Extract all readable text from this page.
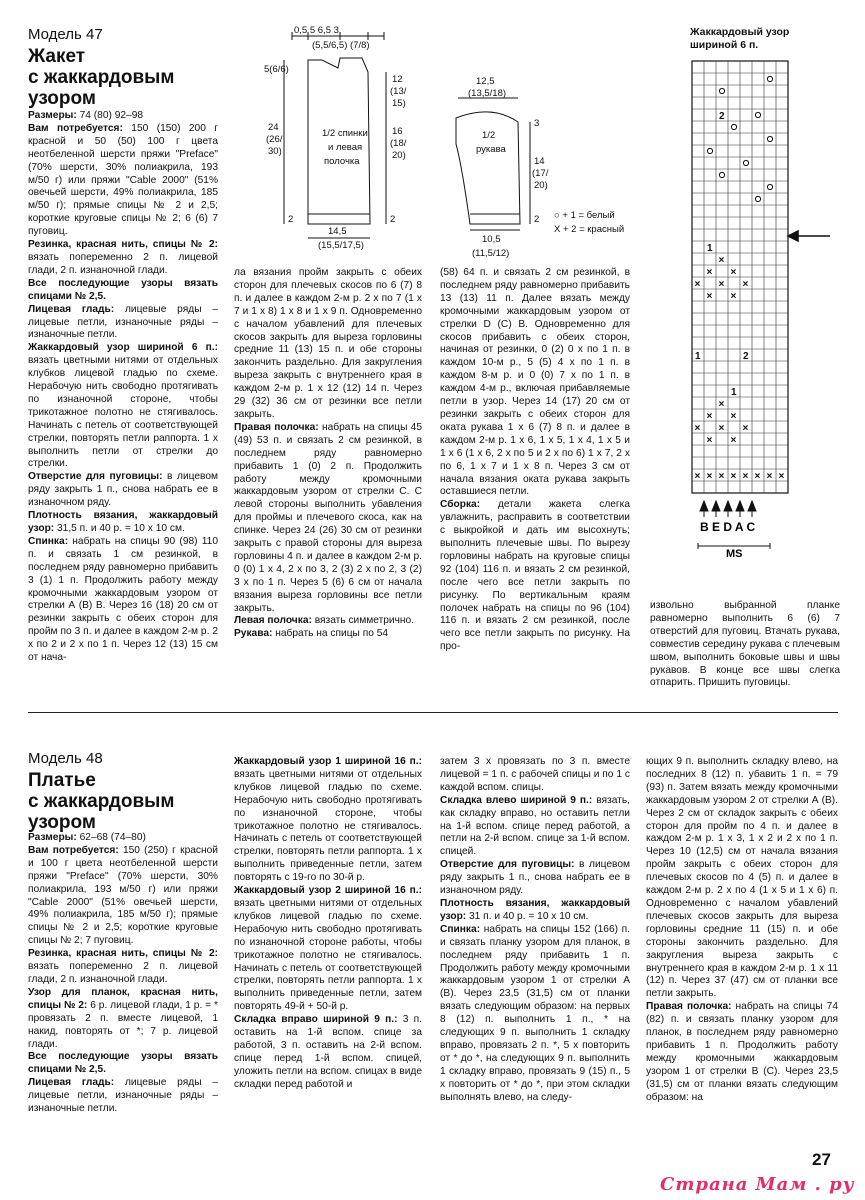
Модель 47
Жакет
с жаккардовым
узором
Размеры: 74 (80) 92–98
Вам потребуется: 150 (150) 200 г красной и 50 (50) 100 г цвета неотбеленной шерсти пряжи "Preface" (70% шерсти, 30% полиакрила, 193 м/50 г) или пряжи "Cable 2000" (51% овечьей шерсти, 49% полиакрила, 185 м/50 г); прямые спицы № 2 и 2,5; короткие круговые спицы № 2; 6 (6) 7 пуговиц.
Резинка, красная нить, спицы № 2: вязать попеременно 2 п. лицевой глади, 2 п. изнаночной глади.
Все последующие узоры вязать спицами № 2,5.
Лицевая гладь: лицевые ряды – лицевые петли, изнаночные ряды – изнаночные петли.
Жаккардовый узор шириной 6 п.: вязать цветными нитями от отдельных клубков лицевой гладью по схеме. Нерабочую нить свободно протягивать по изнаночной стороне, чтобы трикотажное полотно не стягивалось. Начинать с петель от соответствующей стрелки, повторять петли раппорта. 1 х выполнить петли от стрелки до стрелки.
Отверстие для пуговицы: в лицевом ряду закрыть 1 п., снова набрать ее в изнаночном ряду.
Плотность вязания, жаккардовый узор: 31,5 п. и 40 р. = 10 х 10 см.
Спинка: набрать на спицы 90 (98) 110 п. и связать 1 см резинкой, в последнем ряду равномерно прибавить 3 (1) 1 п. Продолжить работу между кромочными жаккардовым узором от стрелки А (В) В. Через 16 (18) 20 см от резинки закрыть с обеих сторон для пройм по 3 п. и далее в каждом 2-м р. 2 х по 2 и 2 х по 1 п. Через 12 (13) 15 см от нача-
ла вязания пройм закрыть с обеих сторон для плечевых скосов по 6 (7) 8 п. и далее в каждом 2-м р. 2 х по 7 (1 х 7 и 1 х 8) 1 х 8 и 1 х 9 п. Одновременно с началом убавлений для плечевых скосов закрыть для выреза горловины средние 11 (13) 15 п. и обе стороны закончить раздельно. Для закругления выреза закрыть с внутреннего края в каждом 2-м р. 1 х 12 (12) 14 п. Через 29 (32) 36 см от резинки все петли закрыть.
Правая полочка: набрать на спицы 45 (49) 53 п. и связать 2 см резинкой, в последнем ряду равномерно прибавить 1 (0) 2 п. Продолжить работу между кромочными жаккардовым узором от стрелки С. С левой стороны выполнить убавления для проймы и плечевого скоса, как на спинке. Через 24 (26) 30 см от резинки закрыть с правой стороны для выреза горловины 4 п. и далее в каждом 2-м р. 0 (0) 1 х 4, 2 х по 3, 2 (3) 2 х по 2, 3 (2) 3 х по 1 п. Через 5 (6) 6 см от начала вязания выреза горловины все петли закрыть.
Левая полочка: вязать симметрично.
Рукава: набрать на спицы по 54
(58) 64 п. и связать 2 см резинкой, в последнем ряду равномерно прибавить 13 (13) 11 п. Далее вязать между кромочными жаккардовым узором от стрелки D (С) В. Одновременно для скосов прибавить с обеих сторон, начиная от резинки, 0 (2) 0 х по 1 п. в каждом 10-м р., 5 (5) 4 х по 1 п. в каждом 8-м р. и 0 (0) 7 х по 1 п. в каждом 4-м р., включая прибавляемые петли в узор. Через 14 (17) 20 см от резинки закрыть с обеих сторон для оката рукава 1 х 6 (7) 8 п. и далее в каждом 2-м р. 1 х 6, 1 х 5, 1 х 4, 1 х 5 и 1 х 6 (1 х 6, 2 х по 5 и 2 х по 6) 1 х 7, 2 х по 6, 1 х 7 и 1 х 8 п. Через 3 см от начала вязания оката рукава закрыть оставшиеся петли.
Сборка: детали жакета слегка увлажнить, расправить в соответствии с выкройкой и дать им высохнуть; выполнить плечевые швы. По вырезу горловины набрать на круговые спицы 92 (104) 116 п. и вязать 2 см резинкой, после чего все петли закрыть по рисунку. По вертикальным краям полочек набрать на спицы по 96 (104) 116 п. и вязать 2 см резинкой, после чего все петли закрыть по рисунку. На про-
извольно выбранной планке равномерно выполнить 6 (6) 7 отверстий для пуговиц. Втачать рукава, совместив середину рукава с плечевым швом, выполнить боковые швы и швы рукавов. В конце все швы слегка отпарить. Пришить пуговицы.
0,5 5 6,5 3
(5,5/6,5) (7/8)
5(6/6)
24
(26/
30)
2
12
(13/
15)
16
(18/
20)
2
1/2 спинки
и левая
полочка
14,5
(15,5/17,5)
12,5
(13,5/18)
3
14
(17/
20)
2
1/2
рукава
10,5
(11,5/12)
○ + 1 = белый
X + 2 = красный
Жаккардовый узор
шириной 6 п.
×
× ×
× × ×
× ×
×
× ×
× × ×
× ×
× × × × × × × ×
2
1
1	2
1
B E D A C
MS
Модель 48
Платье
с жаккардовым
узором
Размеры: 62–68 (74–80)
Вам потребуется: 150 (250) г красной и 100 г цвета неотбеленной шерсти пряжи "Preface" (70% шерсти, 30% полиакрила, 193 м/50 г) или пряжи "Cable 2000" (51% овечьей шерсти, 49% полиакрила, 185 м/50 г); прямые спицы № 2 и 2,5; короткие круговые спицы № 2; 7 пуговиц.
Резинка, красная нить, спицы № 2: вязать попеременно 2 п. лицевой глади, 2 п. изнаночной глади.
Узор для планок, красная нить, спицы № 2: 6 р. лицевой глади, 1 р. = * провязать 2 п. вместе лицевой, 1 накид, повторять от *; 7 р. лицевой глади.
Все последующие узоры вязать спицами № 2,5.
Лицевая гладь: лицевые ряды – лицевые петли, изнаночные ряды – изнаночные петли.
Жаккардовый узор 1 шириной 16 п.: вязать цветными нитями от отдельных клубков лицевой гладью по схеме. Нерабочую нить свободно протягивать по изнаночной стороне, чтобы трикотажное полотно не стягивалось. Начинать с петель от соответствующей стрелки, повторять петли раппорта. 1 х выполнить приведенные петли, затем повторять с 19-го по 30-й р.
Жаккардовый узор 2 шириной 16 п.: вязать цветными нитями от отдельных клубков лицевой гладью по схеме. Нерабочую нить свободно протягивать по изнаночной стороне работы, чтобы трикотажное полотно не стягивалось. Начинать с петель от соответствующей стрелки, повторять петли раппорта. 1 х выполнить приведенные петли, затем повторять 49-й + 50-й р.
Складка вправо шириной 9 п.: 3 п. оставить на 1-й вспом. спице за работой, 3 п. оставить на 2-й вспом. спице перед 1-й вспом. спицей, уложить петли на вспом. спицах в виде складки перед работой и
затем 3 х провязать по 3 п. вместе лицевой = 1 п. с рабочей спицы и по 1 с каждой вспом. спицы.
Складка влево шириной 9 п.: вязать, как складку вправо, но оставить петли на 1-й вспом. спице перед работой, а петли на 2-й вспом. спице за 1-й вспом. спицей.
Отверстие для пуговицы: в лицевом ряду закрыть 1 п., снова набрать ее в изнаночном ряду.
Плотность вязания, жаккардовый узор: 31 п. и 40 р. = 10 х 10 см.
Спинка: набрать на спицы 152 (166) п. и связать планку узором для планок, в последнем ряду прибавить 1 п. Продолжить работу между кромочными жаккардовым узором 1 от стрелки А (В). Через 23,5 (31,5) см от планки вязать следующим образом: на первых 8 (12) п. выполнить 1 п., * на следующих 9 п. выполнить 1 складку вправо, провязать 2 п. *, 5 х повторить от * до *, на следующих 9 п. выполнить 1 складку вправо, провязать 9 (15) п., 5 х повторить от * до *, при этом складки выполнять влево, на следу-
ющих 9 п. выполнить складку влево, на последних 8 (12) п. убавить 1 п. = 79 (93) п. Затем вязать между кромочными жаккардовым узором 2 от стрелки А (В). Через 2 см от складок закрыть с обеих сторон для пройм по 4 п. и далее в каждом 2-м р. 1 х 3, 1 х 2 и 2 х по 1 п. Через 10 (12,5) см от начала вязания пройм закрыть с обеих сторон для плечевых скосов по 4 (5) п. и далее в каждом 2-м р. 2 х по 4 (1 х 5 и 1 х 6) п. Одновременно с началом убавлений плечевых скосов закрыть для выреза горловины средние 11 (15) п. и обе стороны закончить раздельно. Для закругления выреза закрыть с внутреннего края в каждом 2-м р. 1 х 11 (12) п. Через 37 (47) см от планки все петли закрыть.
Правая полочка: набрать на спицы 74 (82) п. и связать планку узором для планок, в последнем ряду равномерно прибавить 1 п. Продолжить работу между кромочными жаккардовым узором 1 от стрелки В (С). Через 23,5 (31,5) см от планки вязать следующим образом: на
27
Страна Мам . ру
